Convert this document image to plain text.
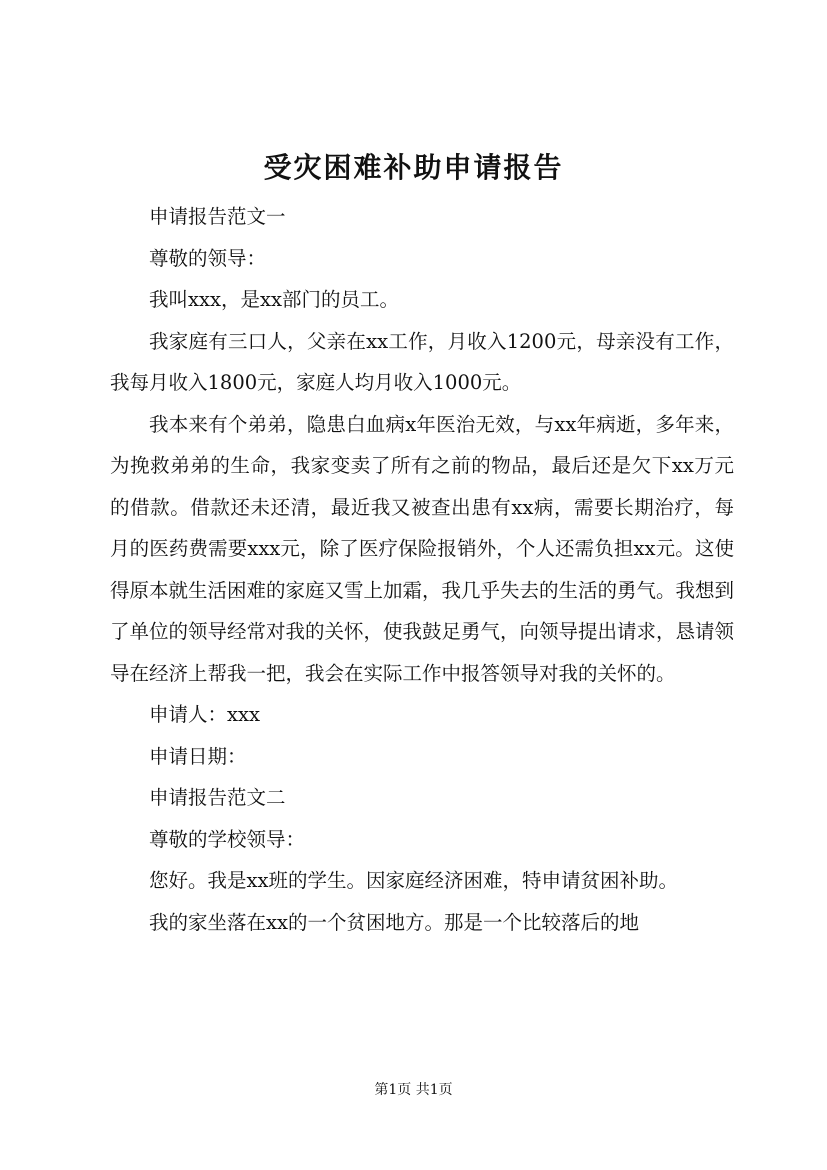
受灾困难补助申请报告

申请报告范文一

尊敬的领导：

我叫xxx，是xx部门的员工。

我家庭有三口人，父亲在xx工作，月收入1200元，母亲没有工作，我每月收入1800元，家庭人均月收入1000元。

我本来有个弟弟，隐患白血病x年医治无效，与xx年病逝，多年来，为挽救弟弟的生命，我家变卖了所有之前的物品，最后还是欠下xx万元的借款。借款还未还清，最近我又被查出患有xx病，需要长期治疗，每月的医药费需要xxx元，除了医疗保险报销外，个人还需负担xx元。这使得原本就生活困难的家庭又雪上加霜，我几乎失去的生活的勇气。我想到了单位的领导经常对我的关怀，使我鼓足勇气，向领导提出请求，恳请领导在经济上帮我一把，我会在实际工作中报答领导对我的关怀的。

申请人：xxx

申请日期：

申请报告范文二

尊敬的学校领导：

您好。我是xx班的学生。因家庭经济困难，特申请贫困补助。

我的家坐落在xx的一个贫困地方。那是一个比较落后的地

第1页 共1页
